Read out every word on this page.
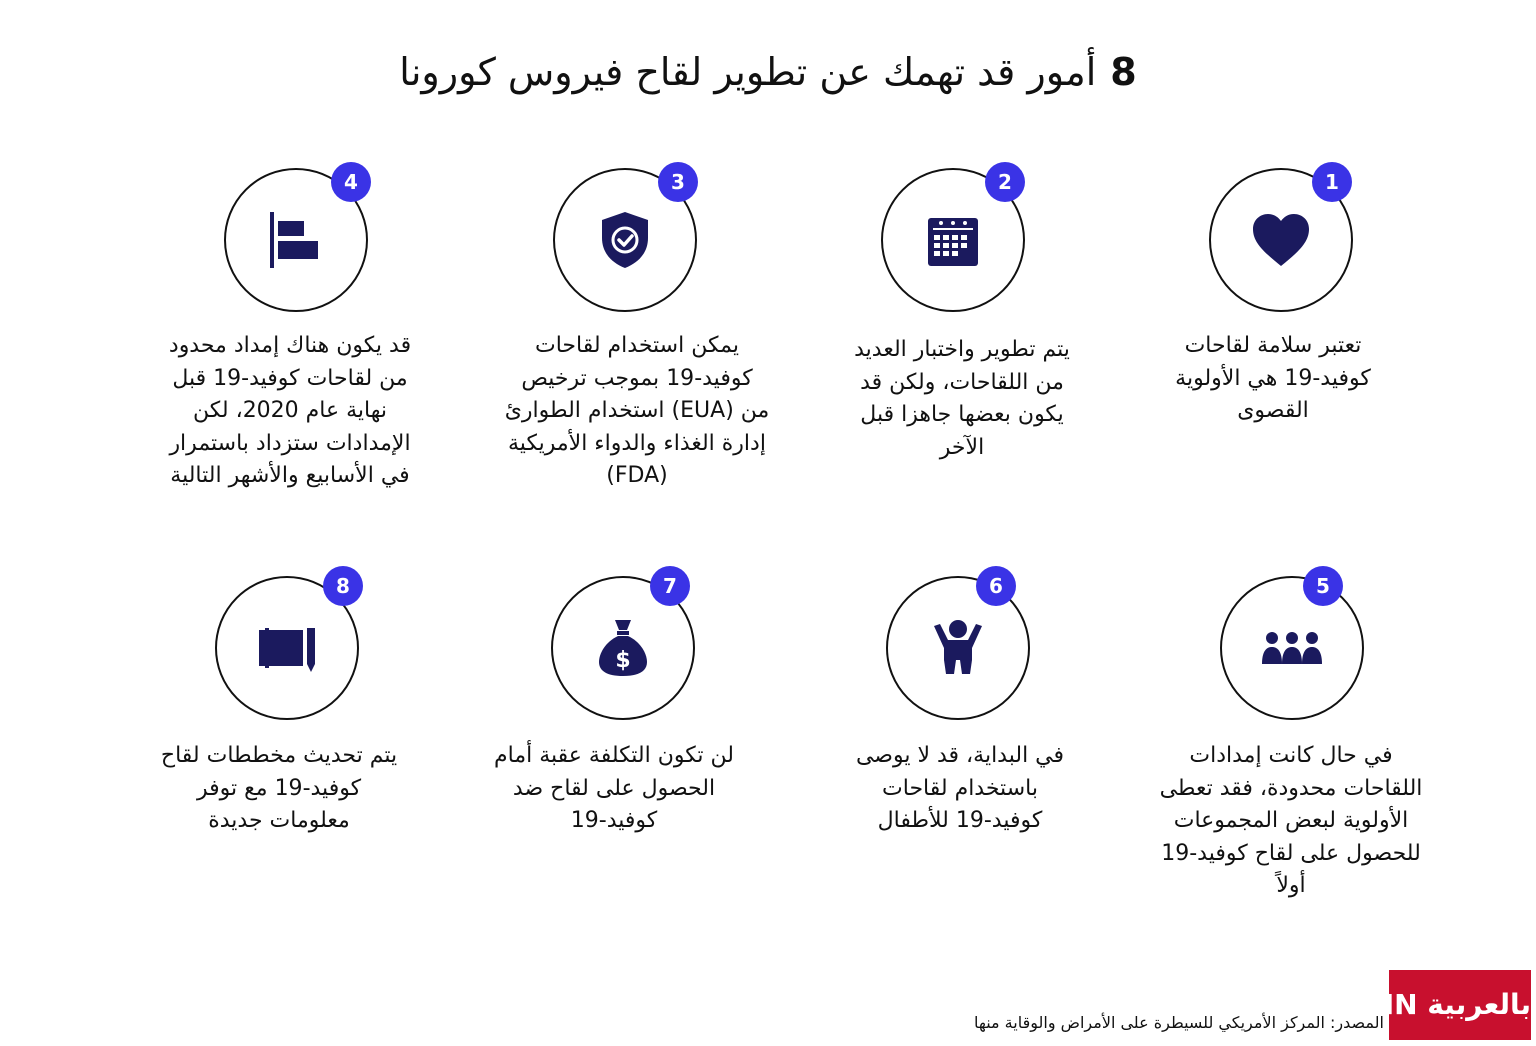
8أمور قد تهمك عن تطوير لقاح فيروس كورونا
1
تعتبر سلامة لقاحات
كوفيد-19 هي الأولوية
القصوى
2
يتم تطوير واختبار العديد
من اللقاحات، ولكن قد
يكون بعضها جاهزا قبل
الآخر
3
يمكن استخدام لقاحات
كوفيد-19 بموجب ترخيص
من (EUA) استخدام الطوارئ
إدارة الغذاء والدواء الأمريكية
(FDA)
4
قد يكون هناك إمداد محدود
من لقاحات كوفيد-19 قبل
نهاية عام 2020، لكن
الإمدادات ستزداد باستمرار
في الأسابيع والأشهر التالية
5
في حال كانت إمدادات
اللقاحات محدودة، فقد تعطى
الأولوية لبعض المجموعات
للحصول على لقاح كوفيد-19
أولاً
6
في البداية، قد لا يوصى
باستخدام لقاحات
كوفيد-19 للأطفال
$
7
لن تكون التكلفة عقبة أمام
الحصول على لقاح ضد
كوفيد-19
8
يتم تحديث مخططات لقاح
كوفيد-19 مع توفر
معلومات جديدة
المصدر: المركز الأمريكي للسيطرة على الأمراض والوقاية منها
بالعربية CNN
